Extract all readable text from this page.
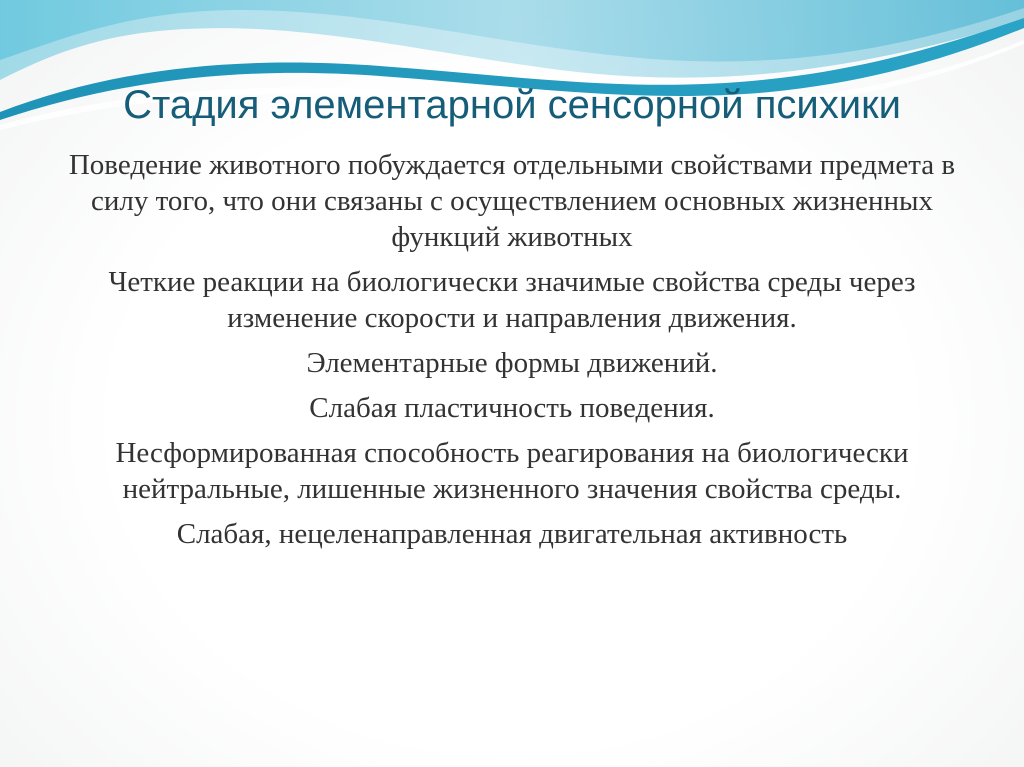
Стадия элементарной сенсорной психики

Поведение животного побуждается отдельными свойствами предмета в силу того, что они связаны с осуществлением основных жизненных функций животных

Четкие реакции на биологически значимые свойства среды через изменение скорости и направления движения.

Элементарные формы движений.

Слабая пластичность поведения.

Несформированная способность реагирования на биологически нейтральные, лишенные жизненного значения свойства среды.

Слабая, нецеленаправленная двигательная активность
